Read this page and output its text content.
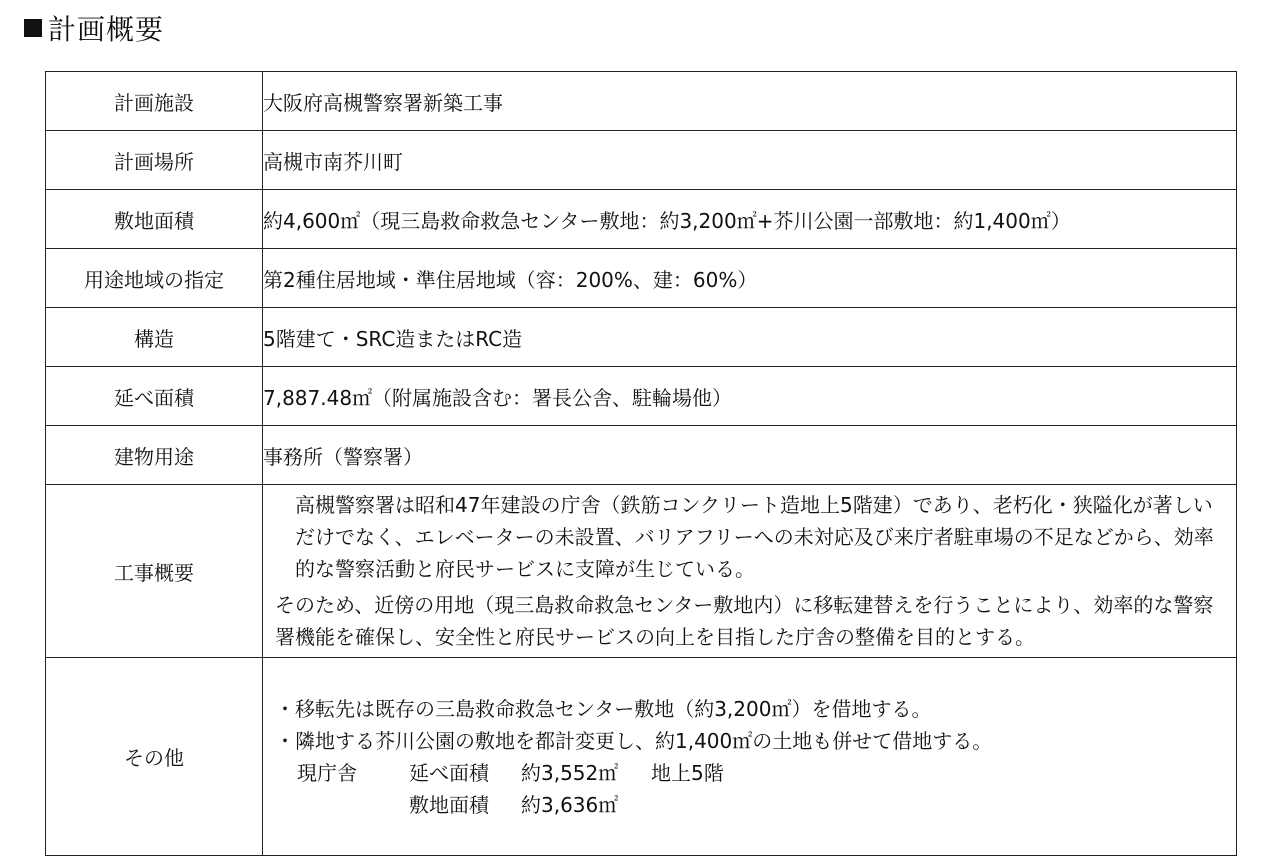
計画概要
計画施設	大阪府高槻警察署新築工事
計画場所	高槻市南芥川町
敷地面積	約4,600㎡（現三島救命救急センター敷地：約3,200㎡+芥川公園一部敷地：約1,400㎡）
用途地域の指定	第2種住居地域・準住居地域（容：200%、建：60%）
構造	5階建て・SRC造またはRC造
延べ面積	7,887.48㎡（附属施設含む：署長公舎、駐輪場他）
建物用途	事務所（警察署）
工事概要	高槻警察署は昭和47年建設の庁舎（鉄筋コンクリート造地上5階建）であり、老朽化・狭隘化が著しいだけでなく、エレベーターの未設置、バリアフリーへの未対応及び来庁者駐車場の不足などから、効率的な警察活動と府民サービスに支障が生じている。

そのため、近傍の用地（現三島救命救急センター敷地内）に移転建替えを行うことにより、効率的な警察署機能を確保し、安全性と府民サービスの向上を目指した庁舎の整備を目的とする。

その他	・移転先は既存の三島救命救急センター敷地（約3,200㎡）を借地する。
・隣地する芥川公園の敷地を都計変更し、約1,400㎡の土地も併せて借地する。
現庁舎 延べ面積 約3,552㎡ 地上5階
敷地面積 約3,636㎡
